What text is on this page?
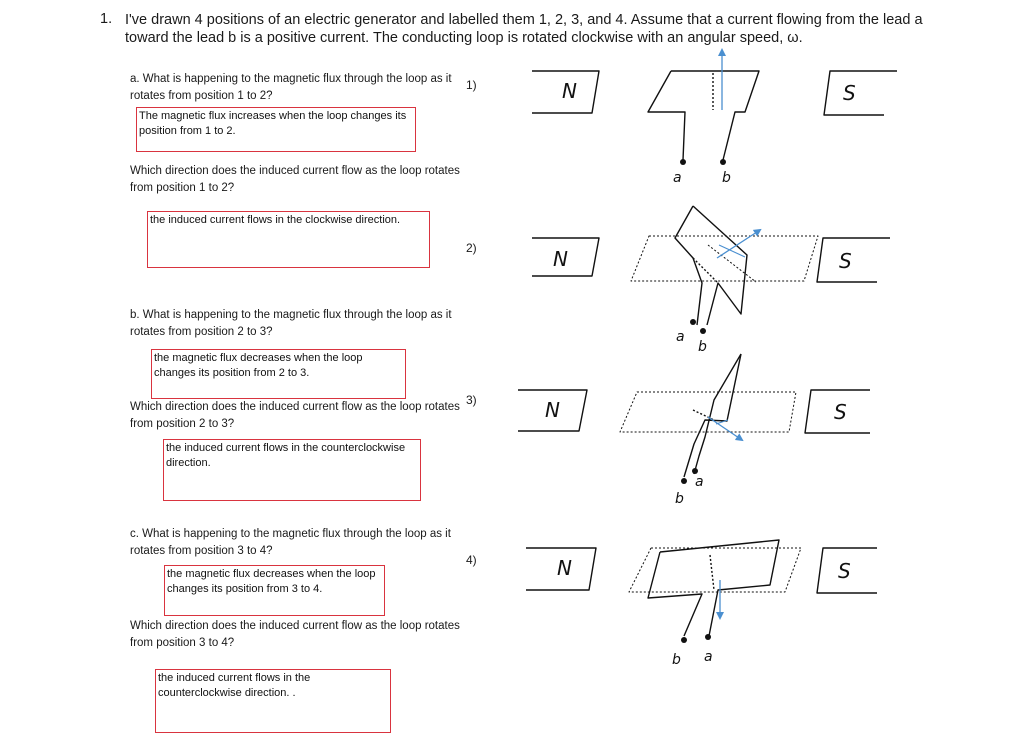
1. I've drawn 4 positions of an electric generator and labelled them 1, 2, 3, and 4. Assume that a current flowing from the lead a toward the lead b is a positive current. The conducting loop is rotated clockwise with an angular speed, ω.
a. What is happening to the magnetic flux through the loop as it rotates from position 1 to 2?
The magnetic flux increases when the loop changes its position from 1 to 2.
Which direction does the induced current flow as the loop rotates from position 1 to 2?
the induced current flows in the clockwise direction.
b. What is happening to the magnetic flux through the loop as it rotates from position 2 to 3?
the magnetic flux decreases when the loop changes its position from 2 to 3.
Which direction does the induced current flow as the loop rotates from position 2 to 3?
the induced current flows in the counterclockwise direction.
c. What is happening to the magnetic flux through the loop as it rotates from position 3 to 4?
the magnetic flux decreases when the loop changes its position from 3 to 4.
Which direction does the induced current flow as the loop rotates from position 3 to 4?
the induced current flows in the counterclockwise direction. .
1)
2)
3)
4)
N	S
N	S
N	S
N	S
a	b
a
b
b
a
b a
